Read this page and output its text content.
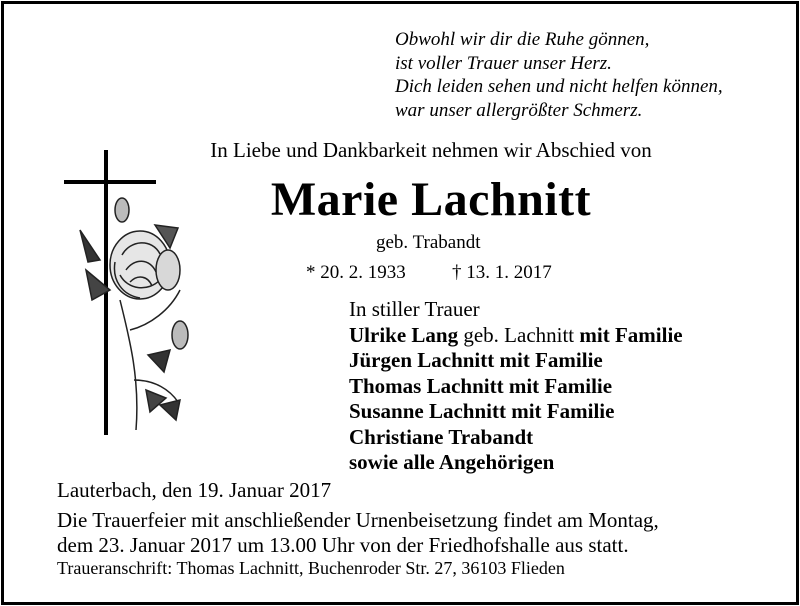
Obwohl wir dir die Ruhe gönnen,
ist voller Trauer unser Herz.
Dich leiden sehen und nicht helfen können,
war unser allergrößter Schmerz.
In Liebe und Dankbarkeit nehmen wir Abschied von
Marie Lachnitt
geb. Trabandt
* 20. 2. 1933 † 13. 1. 2017
In stiller Trauer
Ulrike Lang geb. Lachnitt mit Familie
Jürgen Lachnitt mit Familie
Thomas Lachnitt mit Familie
Susanne Lachnitt mit Familie
Christiane Trabandt
sowie alle Angehörigen
Lauterbach, den 19. Januar 2017
Die Trauerfeier mit anschließender Urnenbeisetzung findet am Montag,
dem 23. Januar 2017 um 13.00 Uhr von der Friedhofshalle aus statt.
Traueranschrift: Thomas Lachnitt, Buchenroder Str. 27, 36103 Flieden
